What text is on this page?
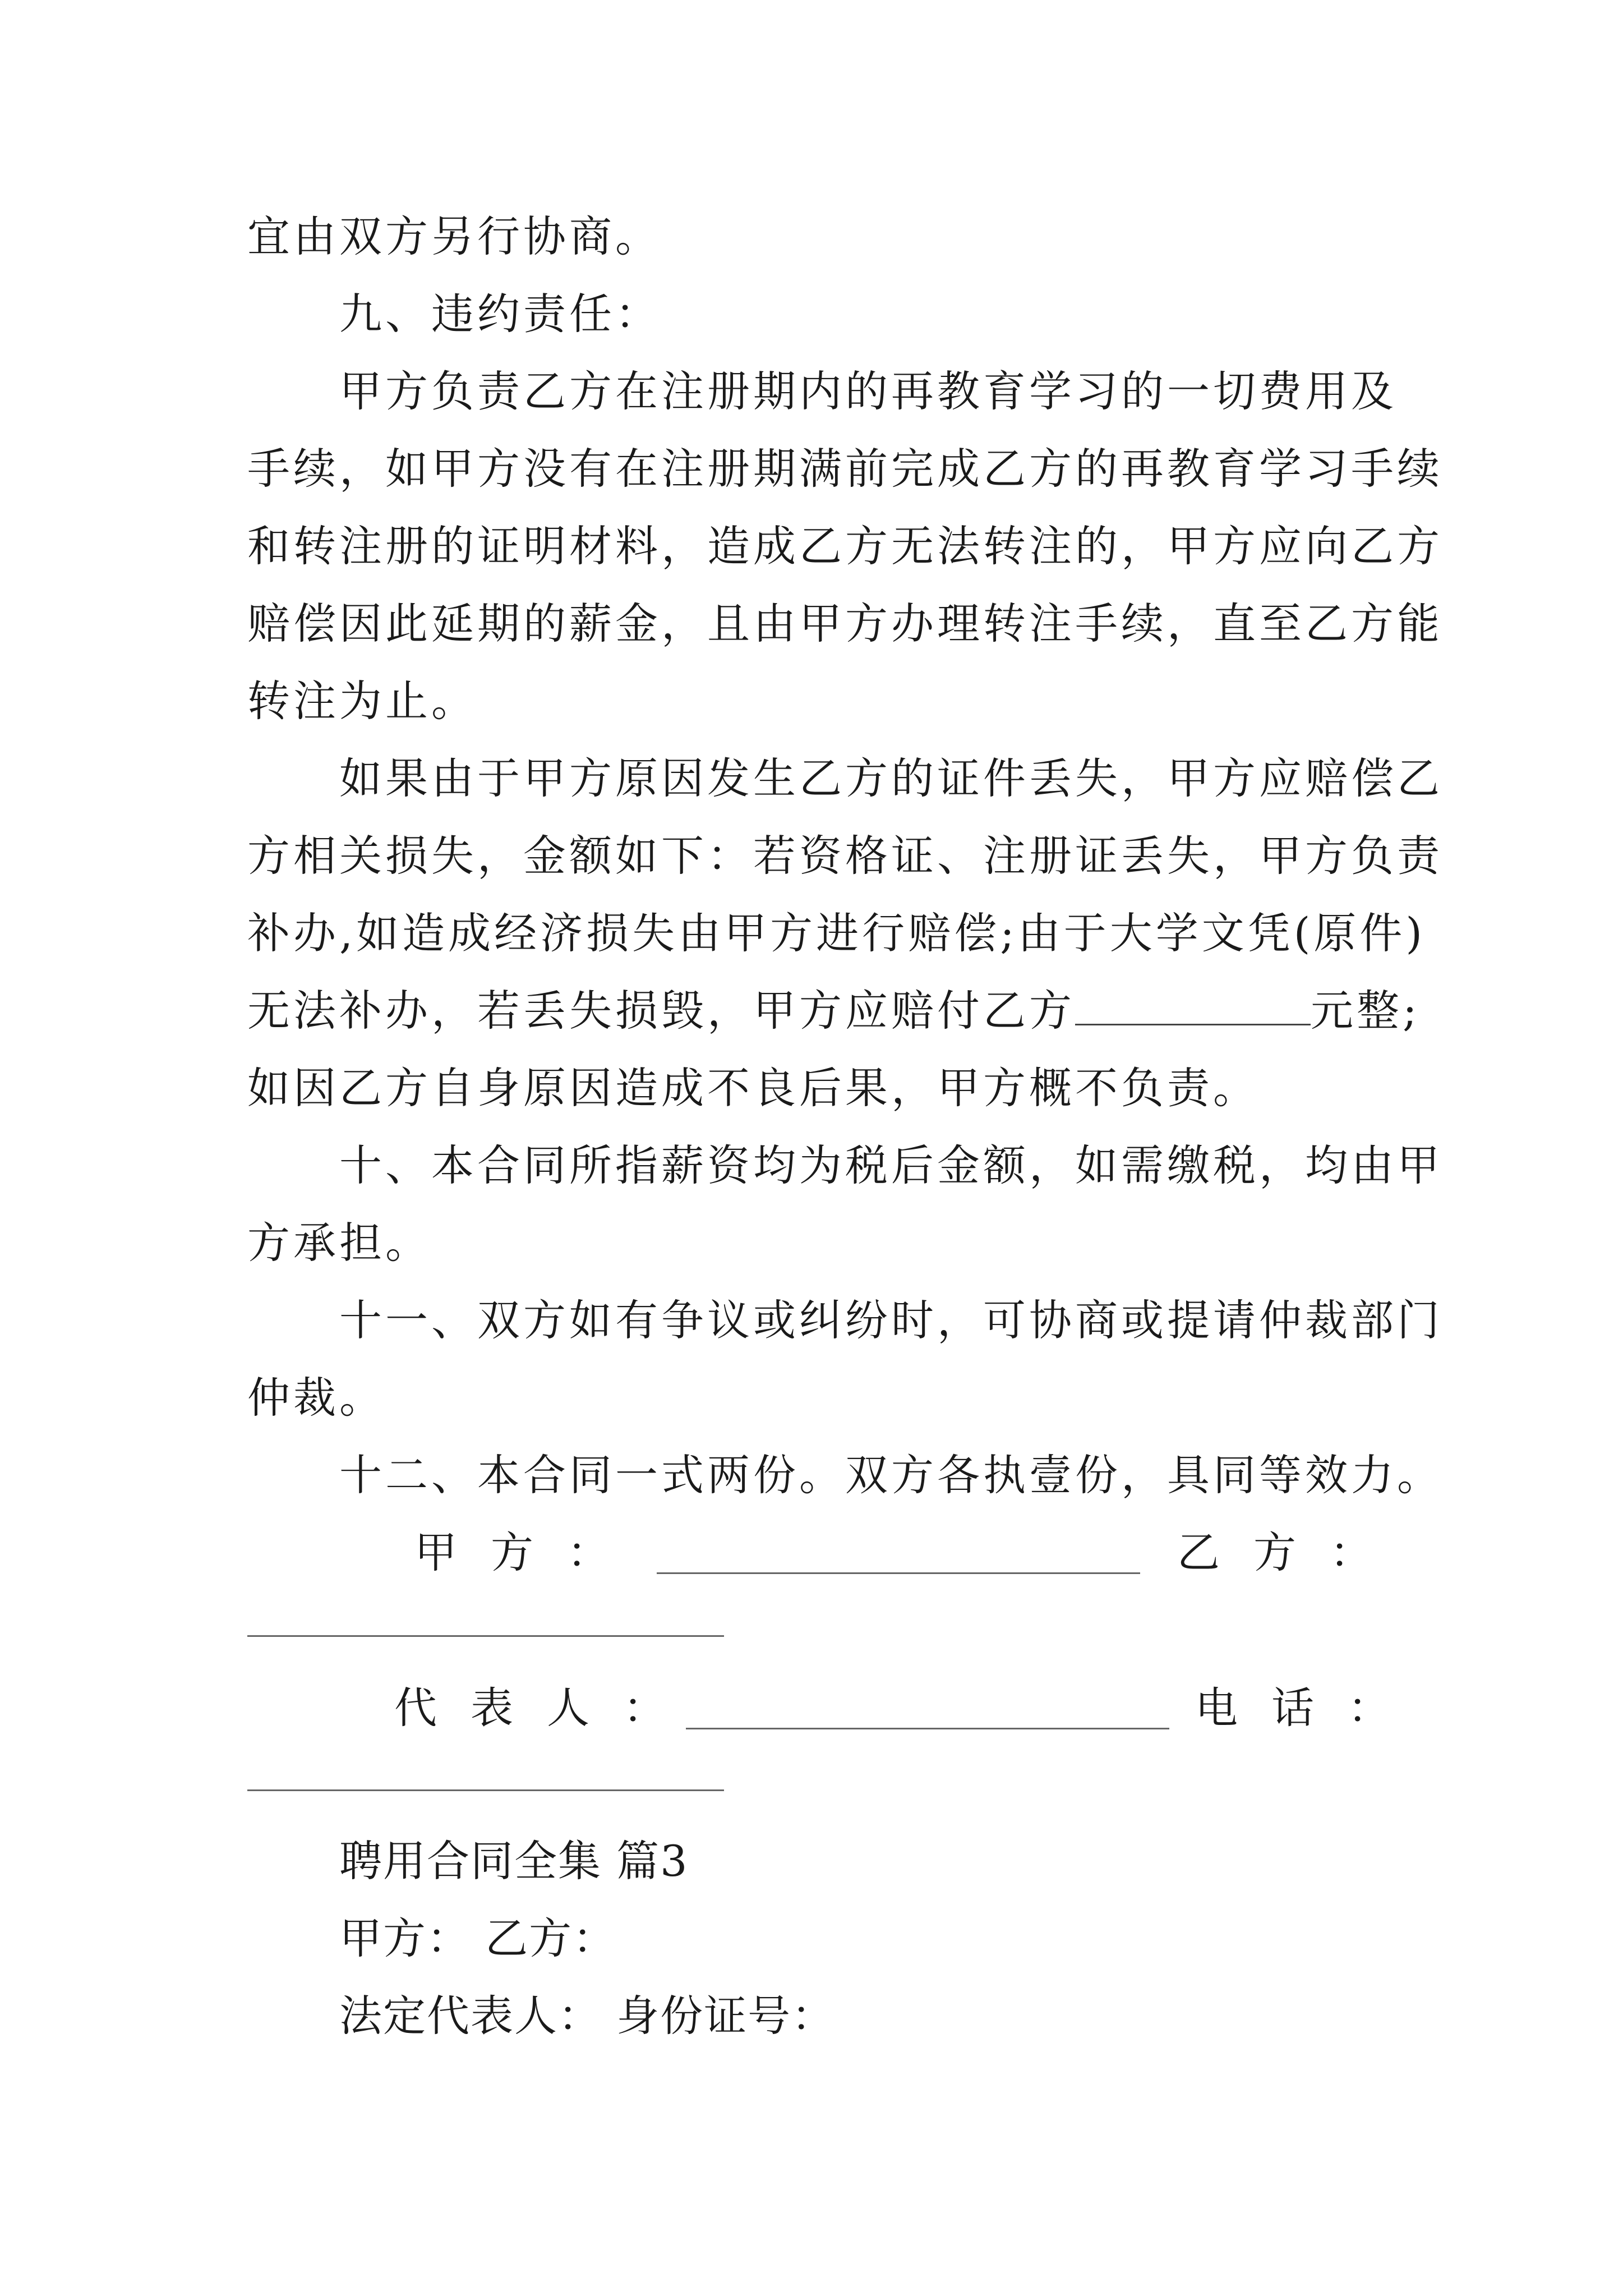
宜由双方另行协商。
九、违约责任：
甲方负责乙方在注册期内的再教育学习的一切费用及
手续，如甲方没有在注册期满前完成乙方的再教育学习手续
和转注册的证明材料，造成乙方无法转注的，甲方应向乙方
赔偿因此延期的薪金，且由甲方办理转注手续，直至乙方能
转注为止。
如果由于甲方原因发生乙方的证件丢失，甲方应赔偿乙
方相关损失，金额如下：若资格证、注册证丢失，甲方负责
补办,如造成经济损失由甲方进行赔偿;由于大学文凭(原件)
无法补办，若丢失损毁，甲方应赔付乙方	元整;
如因乙方自身原因造成不良后果，甲方概不负责。
十、本合同所指薪资均为税后金额，如需缴税，均由甲
方承担。
十一、双方如有争议或纠纷时，可协商或提请仲裁部门
仲裁。
十二、本合同一式两份。双方各执壹份，具同等效力。
甲方：	乙方：
代表人：	电话：
聘用合同全集 篇3
甲方： 乙方：
法定代表人： 身份证号：
